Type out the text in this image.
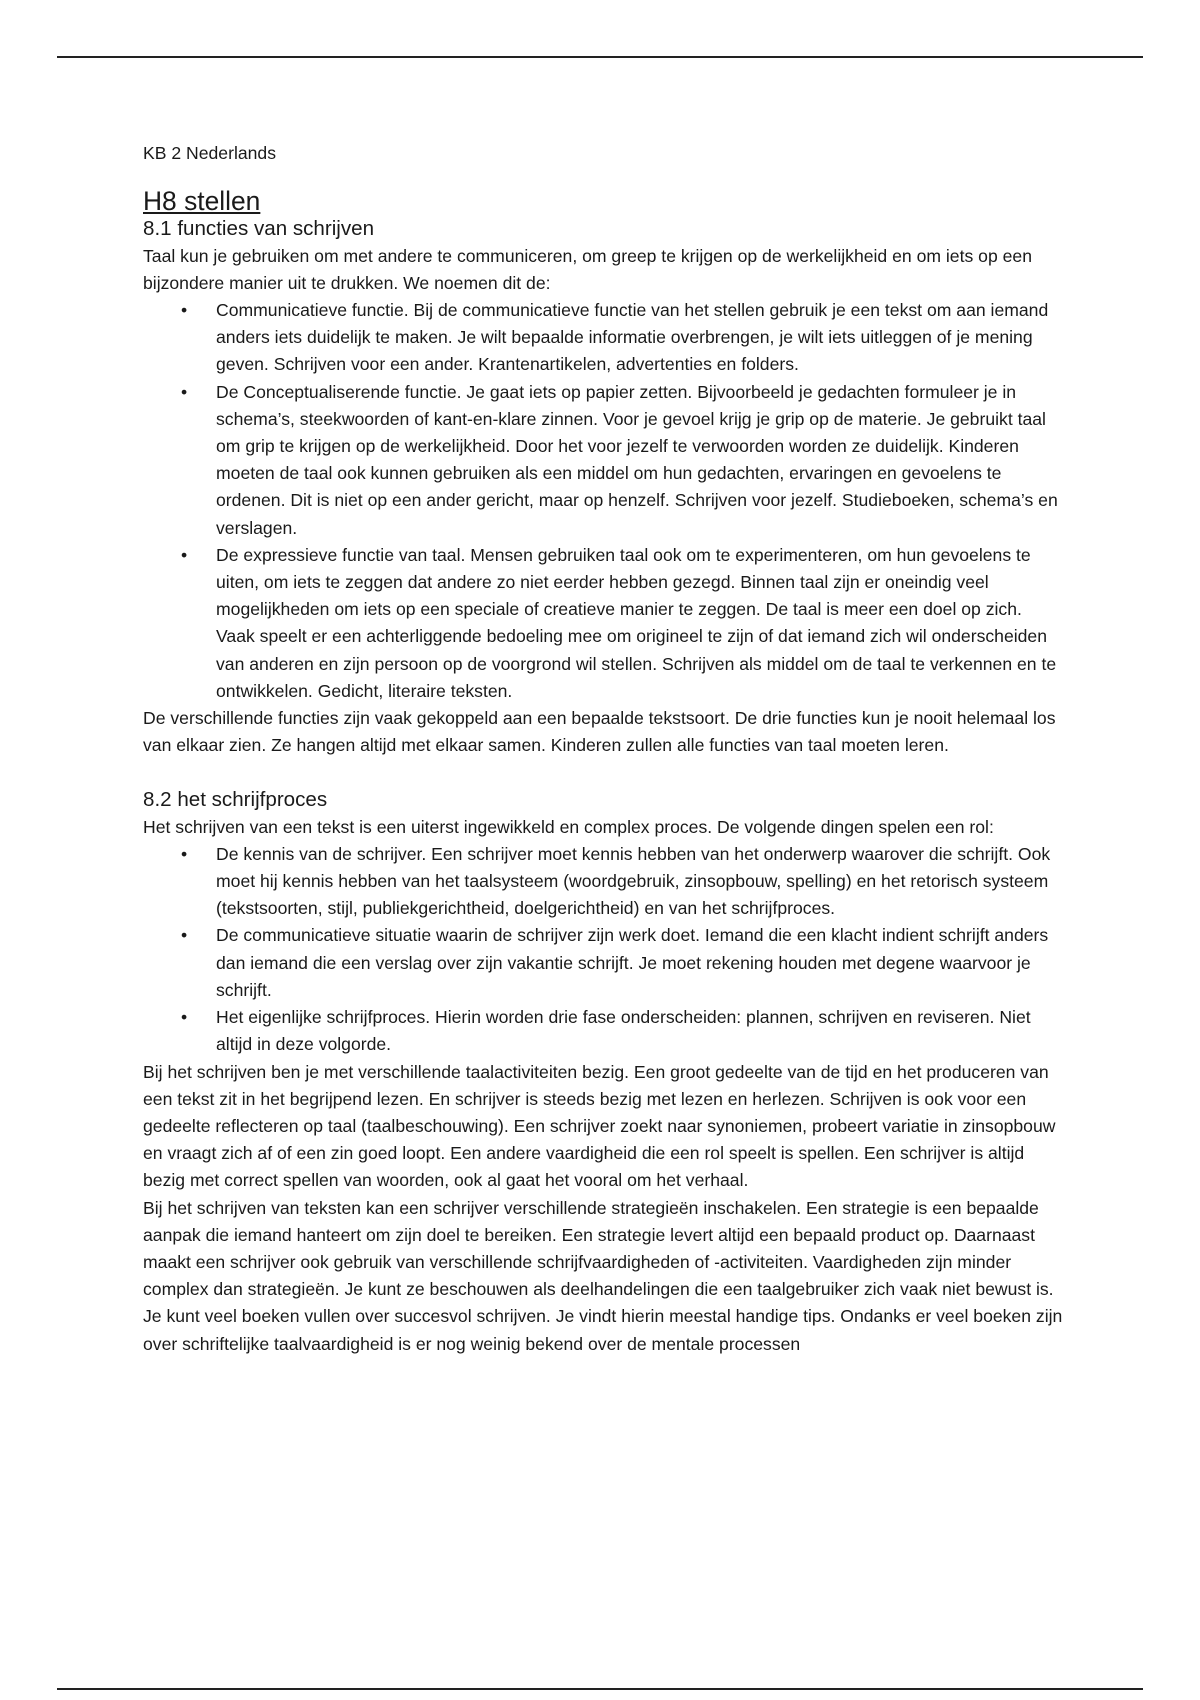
KB 2 Nederlands
H8 stellen
8.1 functies van schrijven

Taal kun je gebruiken om met andere te communiceren, om greep te krijgen op de werkelijkheid en om iets op een bijzondere manier uit te drukken. We noemen dit de:

• Communicatieve functie. Bij de communicatieve functie van het stellen gebruik je een tekst om aan iemand anders iets duidelijk te maken. Je wilt bepaalde informatie overbrengen, je wilt iets uitleggen of je mening geven. Schrijven voor een ander. Krantenartikelen, advertenties en folders.
• De Conceptualiserende functie. Je gaat iets op papier zetten. Bijvoorbeeld je gedachten formuleer je in schema’s, steekwoorden of kant-en-klare zinnen. Voor je gevoel krijg je grip op de materie. Je gebruikt taal om grip te krijgen op de werkelijkheid. Door het voor jezelf te verwoorden worden ze duidelijk. Kinderen moeten de taal ook kunnen gebruiken als een middel om hun gedachten, ervaringen en gevoelens te ordenen. Dit is niet op een ander gericht, maar op henzelf. Schrijven voor jezelf. Studieboeken, schema’s en verslagen.
• De expressieve functie van taal. Mensen gebruiken taal ook om te experimenteren, om hun gevoelens te uiten, om iets te zeggen dat andere zo niet eerder hebben gezegd. Binnen taal zijn er oneindig veel mogelijkheden om iets op een speciale of creatieve manier te zeggen. De taal is meer een doel op zich. Vaak speelt er een achterliggende bedoeling mee om origineel te zijn of dat iemand zich wil onderscheiden van anderen en zijn persoon op de voorgrond wil stellen. Schrijven als middel om de taal te verkennen en te ontwikkelen. Gedicht, literaire teksten.

De verschillende functies zijn vaak gekoppeld aan een bepaalde tekstsoort. De drie functies kun je nooit helemaal los van elkaar zien. Ze hangen altijd met elkaar samen. Kinderen zullen alle functies van taal moeten leren.

8.2 het schrijfproces

Het schrijven van een tekst is een uiterst ingewikkeld en complex proces. De volgende dingen spelen een rol:

• De kennis van de schrijver. Een schrijver moet kennis hebben van het onderwerp waarover die schrijft. Ook moet hij kennis hebben van het taalsysteem (woordgebruik, zinsopbouw, spelling) en het retorisch systeem (tekstsoorten, stijl, publiekgerichtheid, doelgerichtheid) en van het schrijfproces.
• De communicatieve situatie waarin de schrijver zijn werk doet. Iemand die een klacht indient schrijft anders dan iemand die een verslag over zijn vakantie schrijft. Je moet rekening houden met degene waarvoor je schrijft.
• Het eigenlijke schrijfproces. Hierin worden drie fase onderscheiden: plannen, schrijven en reviseren. Niet altijd in deze volgorde.

Bij het schrijven ben je met verschillende taalactiviteiten bezig. Een groot gedeelte van de tijd en het produceren van een tekst zit in het begrijpend lezen. En schrijver is steeds bezig met lezen en herlezen. Schrijven is ook voor een gedeelte reflecteren op taal (taalbeschouwing). Een schrijver zoekt naar synoniemen, probeert variatie in zinsopbouw en vraagt zich af of een zin goed loopt. Een andere vaardigheid die een rol speelt is spellen. Een schrijver is altijd bezig met correct spellen van woorden, ook al gaat het vooral om het verhaal.

Bij het schrijven van teksten kan een schrijver verschillende strategieën inschakelen. Een strategie is een bepaalde aanpak die iemand hanteert om zijn doel te bereiken. Een strategie levert altijd een bepaald product op. Daarnaast maakt een schrijver ook gebruik van verschillende schrijfvaardigheden of -activiteiten. Vaardigheden zijn minder complex dan strategieën. Je kunt ze beschouwen als deelhandelingen die een taalgebruiker zich vaak niet bewust is.

Je kunt veel boeken vullen over succesvol schrijven. Je vindt hierin meestal handige tips. Ondanks er veel boeken zijn over schriftelijke taalvaardigheid is er nog weinig bekend over de mentale processen
